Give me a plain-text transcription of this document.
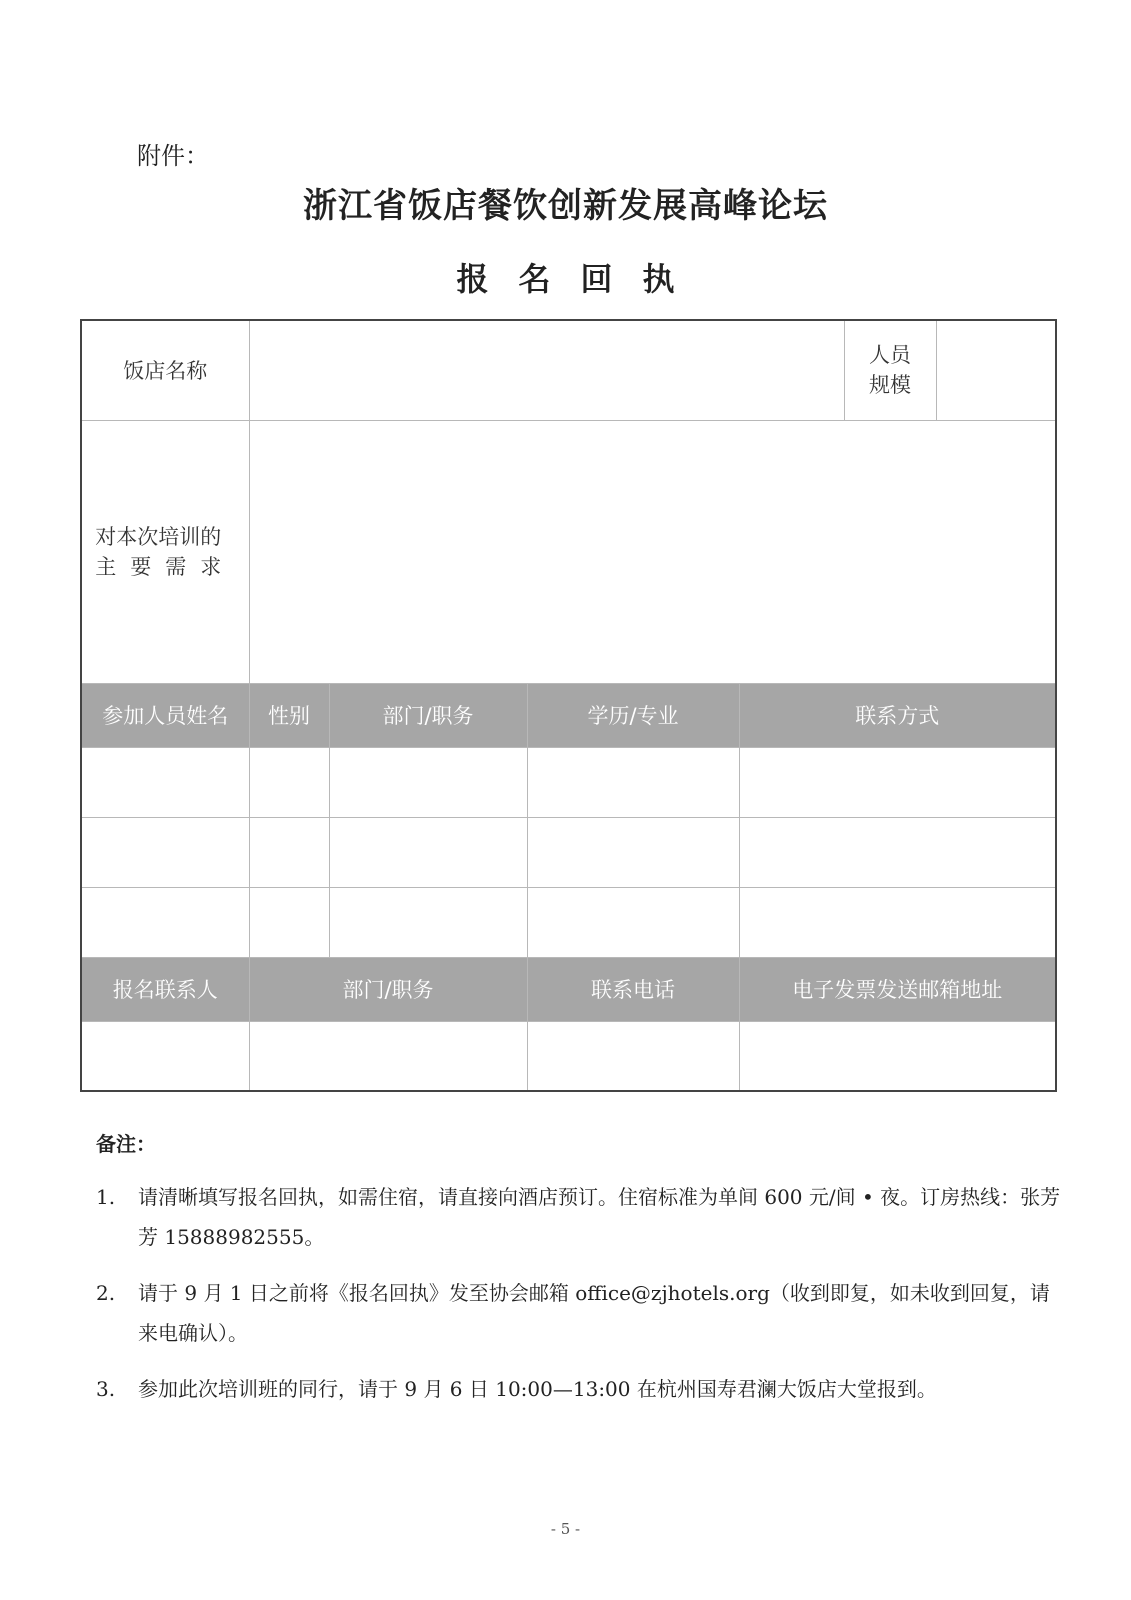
附件：
浙江省饭店餐饮创新发展高峰论坛
报名回执
饭店名称					人员
规模	
对本次培训的
主要需求						
参加人员姓名	性别	部门/职务	学历/专业	联系方式		

报名联系人	部门/职务		联系电话	电子发票发送邮箱地址		

备注：
1.	请清晰填写报名回执，如需住宿，请直接向酒店预订。住宿标准为单间 600 元/间 • 夜。订房热线：张芳芳 15888982555。
2.	请于 9 月 1 日之前将《报名回执》发至协会邮箱 office@zjhotels.org（收到即复，如未收到回复，请来电确认）。
3.	参加此次培训班的同行，请于 9 月 6 日 10:00—13:00 在杭州国寿君澜大饭店大堂报到。
- 5 -
